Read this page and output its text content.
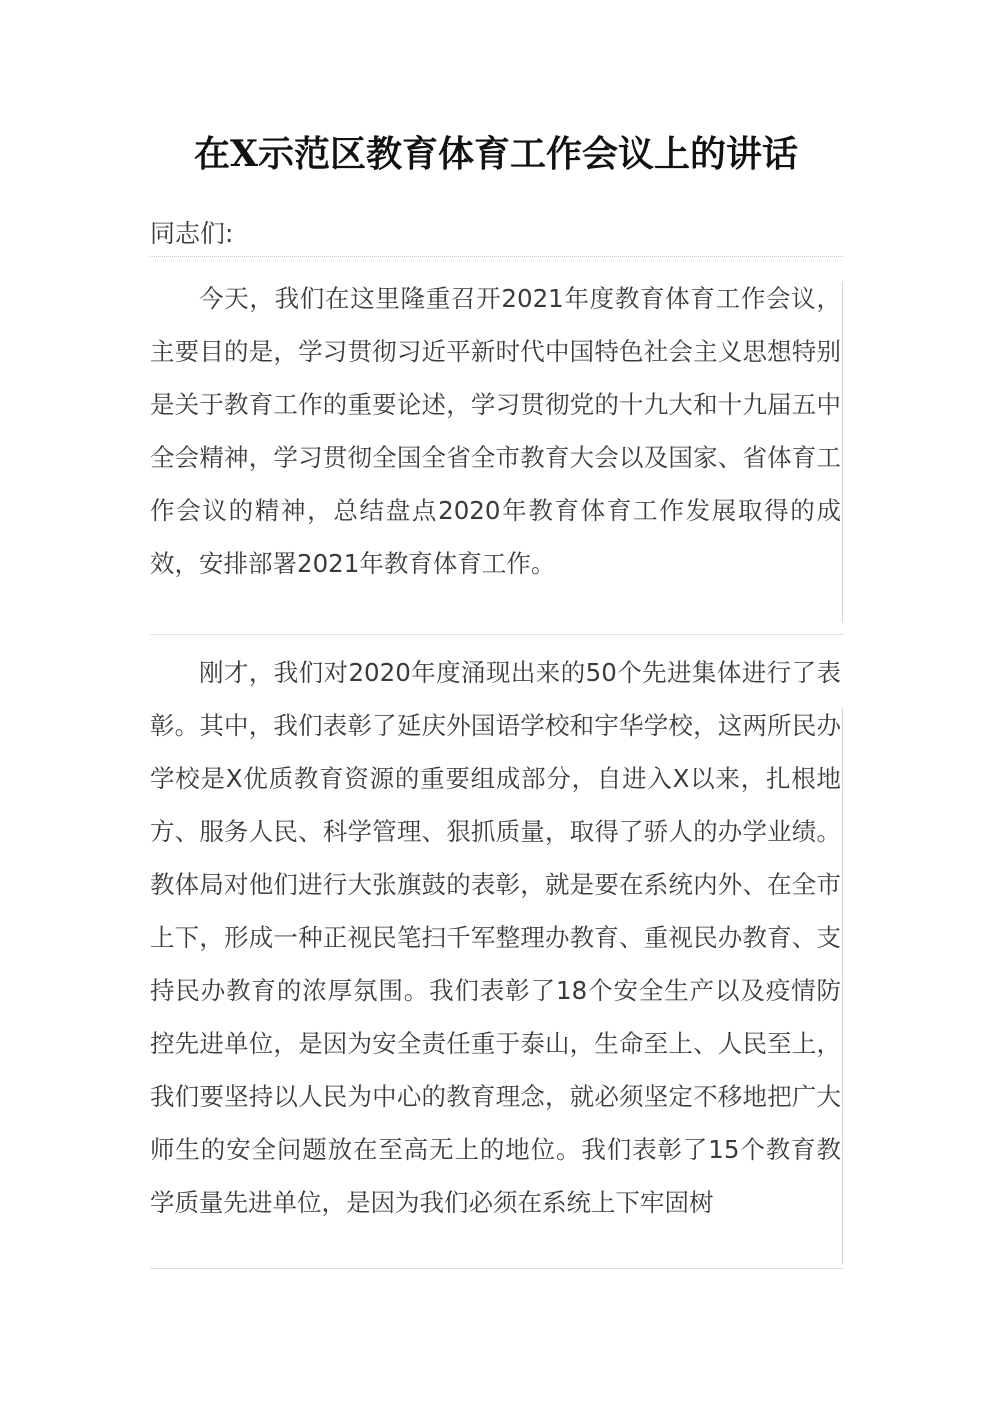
在X示范区教育体育工作会议上的讲话
同志们:

今天，我们在这里隆重召开2021年度教育体育工作会议，主要目的是，学习贯彻习近平新时代中国特色社会主义思想特别是关于教育工作的重要论述，学习贯彻党的十九大和十九届五中全会精神，学习贯彻全国全省全市教育大会以及国家、省体育工作会议的精神，总结盘点2020年教育体育工作发展取得的成效，安排部署2021年教育体育工作。

刚才，我们对2020年度涌现出来的50个先进集体进行了表彰。其中，我们表彰了延庆外国语学校和宇华学校，这两所民办学校是X优质教育资源的重要组成部分，自进入X以来，扎根地方、服务人民、科学管理、狠抓质量，取得了骄人的办学业绩。教体局对他们进行大张旗鼓的表彰，就是要在系统内外、在全市上下，形成一种正视民笔扫千军整理办教育、重视民办教育、支持民办教育的浓厚氛围。我们表彰了18个安全生产以及疫情防控先进单位，是因为安全责任重于泰山，生命至上、人民至上，我们要坚持以人民为中心的教育理念，就必须坚定不移地把广大师生的安全问题放在至高无上的地位。我们表彰了15个教育教学质量先进单位，是因为我们必须在系统上下牢固树
